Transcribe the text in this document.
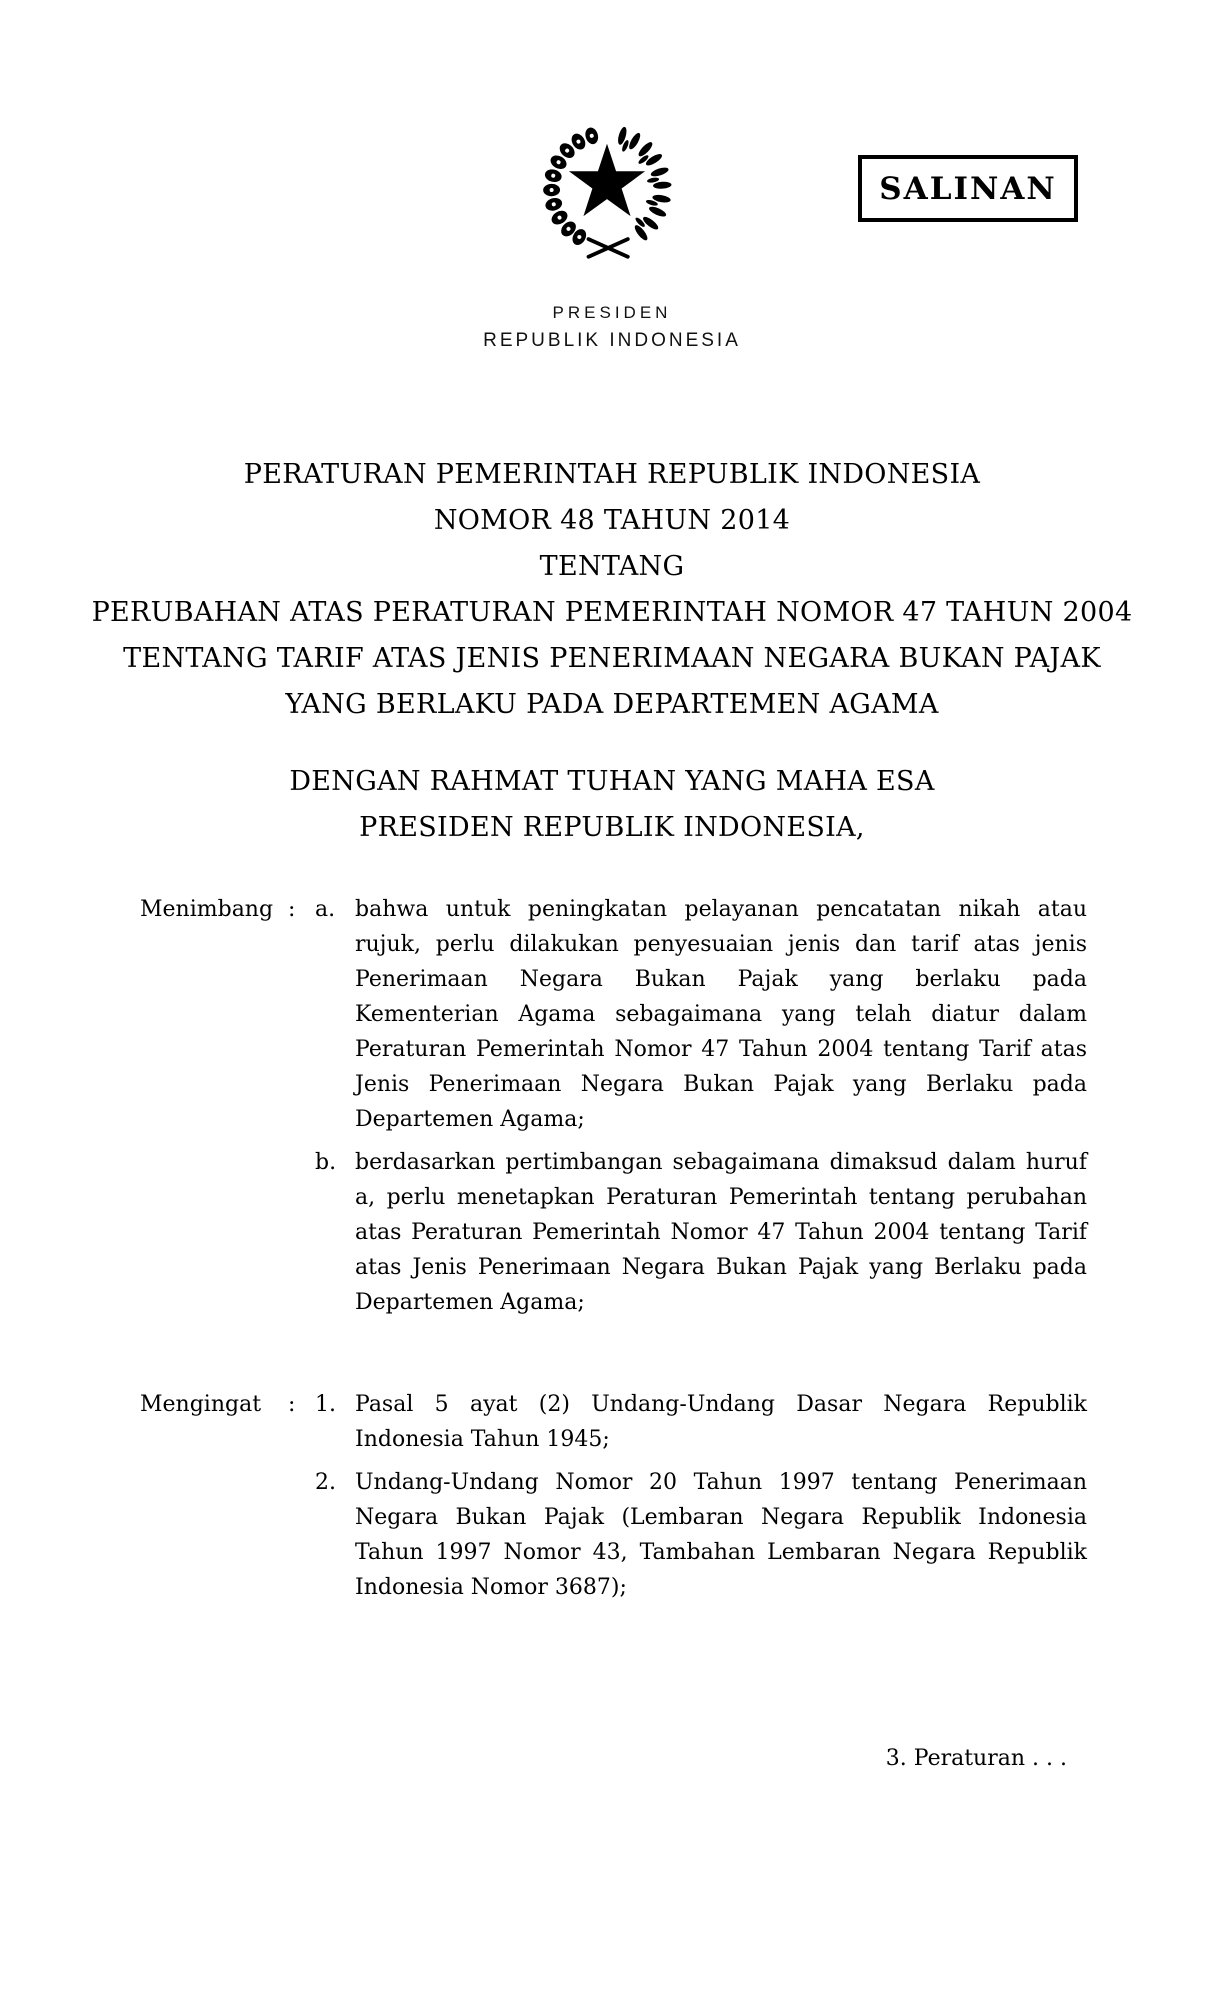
SALINAN
PRESIDEN
REPUBLIK INDONESIA
PERATURAN PEMERINTAH REPUBLIK INDONESIA
NOMOR 48 TAHUN 2014
TENTANG
PERUBAHAN ATAS PERATURAN PEMERINTAH NOMOR 47 TAHUN 2004
TENTANG TARIF ATAS JENIS PENERIMAAN NEGARA BUKAN PAJAK
YANG BERLAKU PADA DEPARTEMEN AGAMA
DENGAN RAHMAT TUHAN YANG MAHA ESA
PRESIDEN REPUBLIK INDONESIA,
Menimbang : a. bahwa untuk peningkatan pelayanan pencatatan nikah atau rujuk, perlu dilakukan penyesuaian jenis dan tarif atas jenis Penerimaan Negara Bukan Pajak yang berlaku pada Kementerian Agama sebagaimana yang telah diatur dalam Peraturan Pemerintah Nomor 47 Tahun 2004 tentang Tarif atas Jenis Penerimaan Negara Bukan Pajak yang Berlaku pada Departemen Agama;
b. berdasarkan pertimbangan sebagaimana dimaksud dalam huruf a, perlu menetapkan Peraturan Pemerintah tentang perubahan atas Peraturan Pemerintah Nomor 47 Tahun 2004 tentang Tarif atas Jenis Penerimaan Negara Bukan Pajak yang Berlaku pada Departemen Agama;
Mengingat	: 1. Pasal 5 ayat (2) Undang-Undang Dasar Negara Republik Indonesia Tahun 1945;
2. Undang-Undang Nomor 20 Tahun 1997 tentang Penerimaan Negara Bukan Pajak (Lembaran Negara Republik Indonesia Tahun 1997 Nomor 43, Tambahan Lembaran Negara Republik Indonesia Nomor 3687);
3. Peraturan . . .
